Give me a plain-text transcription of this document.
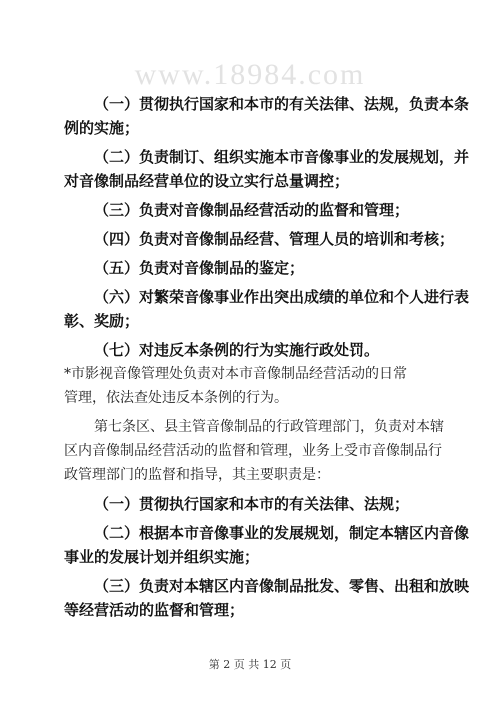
www.18984.com
（一）贯彻执行国家和本市的有关法律、法规，负责本条
例的实施；
（二）负责制订、组织实施本市音像事业的发展规划，并
对音像制品经营单位的设立实行总量调控；
（三）负责对音像制品经营活动的监督和管理；
（四）负责对音像制品经营、管理人员的培训和考核；
（五）负责对音像制品的鉴定；
（六）对繁荣音像事业作出突出成绩的单位和个人进行表
彰、奖励；
（七）对违反本条例的行为实施行政处罚。
*市影视音像管理处负责对本市音像制品经营活动的日常
管理，依法查处违反本条例的行为。
第七条区、县主管音像制品的行政管理部门，负责对本辖
区内音像制品经营活动的监督和管理，业务上受市音像制品行
政管理部门的监督和指导，其主要职责是：
（一）贯彻执行国家和本市的有关法律、法规；
（二）根据本市音像事业的发展规划，制定本辖区内音像
事业的发展计划并组织实施；
（三）负责对本辖区内音像制品批发、零售、出租和放映
等经营活动的监督和管理；
第 2 页 共 12 页
